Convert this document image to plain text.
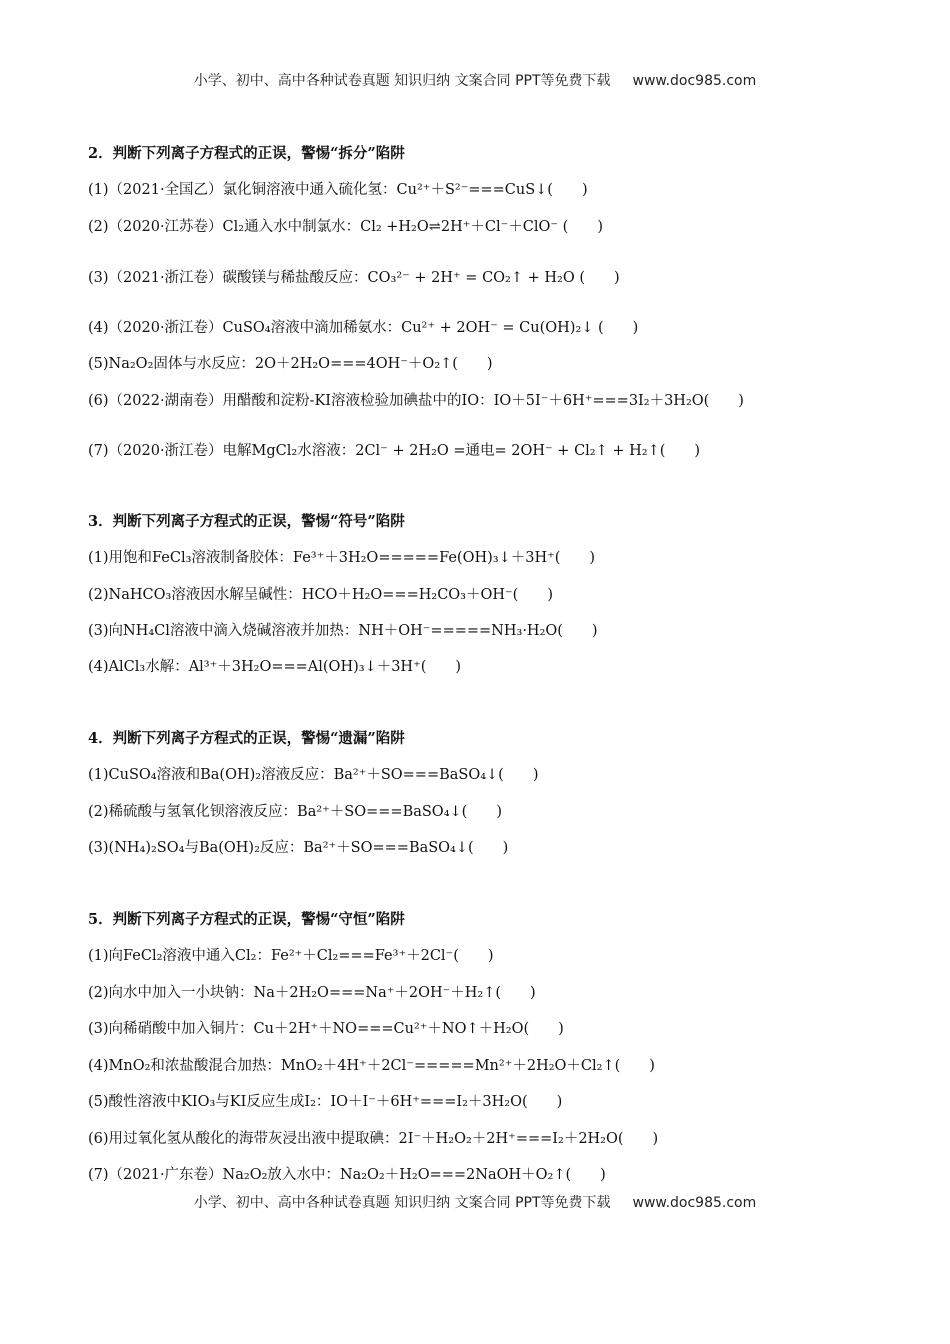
小学、初中、高中各种试卷真题 知识归纳 文案合同 PPT等免费下载 www.doc985.com
2．判断下列离子方程式的正误，警惕“拆分”陷阱
(1)（2021·全国乙）氯化铜溶液中通入硫化氢：Cu²⁺＋S²⁻===CuS↓(　　)
(2)（2020·江苏卷）Cl₂通入水中制氯水：Cl₂ +H₂O⇌2H⁺＋Cl⁻＋ClO⁻ (　　)
(3)（2021·浙江卷）碳酸镁与稀盐酸反应：CO₃²⁻ + 2H⁺ = CO₂↑ + H₂O (　　)
(4)（2020·浙江卷）CuSO₄溶液中滴加稀氨水：Cu²⁺ + 2OH⁻ = Cu(OH)₂↓ (　　)
(5)Na₂O₂固体与水反应：2O＋2H₂O===4OH⁻＋O₂↑(　　)
(6)（2022·湖南卷）用醋酸和淀粉-KI溶液检验加碘盐中的IO：IO＋5I⁻＋6H⁺===3I₂＋3H₂O(　　)
(7)（2020·浙江卷）电解MgCl₂水溶液：2Cl⁻ + 2H₂O =通电= 2OH⁻ + Cl₂↑ + H₂↑(　　)
3．判断下列离子方程式的正误，警惕“符号”陷阱
(1)用饱和FeCl₃溶液制备胶体：Fe³⁺＋3H₂O=====Fe(OH)₃↓＋3H⁺(　　)
(2)NaHCO₃溶液因水解呈碱性：HCO＋H₂O===H₂CO₃＋OH⁻(　　)
(3)向NH₄Cl溶液中滴入烧碱溶液并加热：NH＋OH⁻=====NH₃·H₂O(　　)
(4)AlCl₃水解：Al³⁺＋3H₂O===Al(OH)₃↓＋3H⁺(　　)
4．判断下列离子方程式的正误，警惕“遗漏”陷阱
(1)CuSO₄溶液和Ba(OH)₂溶液反应：Ba²⁺＋SO===BaSO₄↓(　　)
(2)稀硫酸与氢氧化钡溶液反应：Ba²⁺＋SO===BaSO₄↓(　　)
(3)(NH₄)₂SO₄与Ba(OH)₂反应：Ba²⁺＋SO===BaSO₄↓(　　)
5．判断下列离子方程式的正误，警惕“守恒”陷阱
(1)向FeCl₂溶液中通入Cl₂：Fe²⁺＋Cl₂===Fe³⁺＋2Cl⁻(　　)
(2)向水中加入一小块钠：Na＋2H₂O===Na⁺＋2OH⁻＋H₂↑(　　)
(3)向稀硝酸中加入铜片：Cu＋2H⁺＋NO===Cu²⁺＋NO↑＋H₂O(　　)
(4)MnO₂和浓盐酸混合加热：MnO₂＋4H⁺＋2Cl⁻=====Mn²⁺＋2H₂O＋Cl₂↑(　　)
(5)酸性溶液中KIO₃与KI反应生成I₂：IO＋I⁻＋6H⁺===I₂＋3H₂O(　　)
(6)用过氧化氢从酸化的海带灰浸出液中提取碘：2I⁻＋H₂O₂＋2H⁺===I₂＋2H₂O(　　)
(7)（2021·广东卷）Na₂O₂放入水中：Na₂O₂＋H₂O===2NaOH＋O₂↑(　　)
小学、初中、高中各种试卷真题 知识归纳 文案合同 PPT等免费下载 www.doc985.com
